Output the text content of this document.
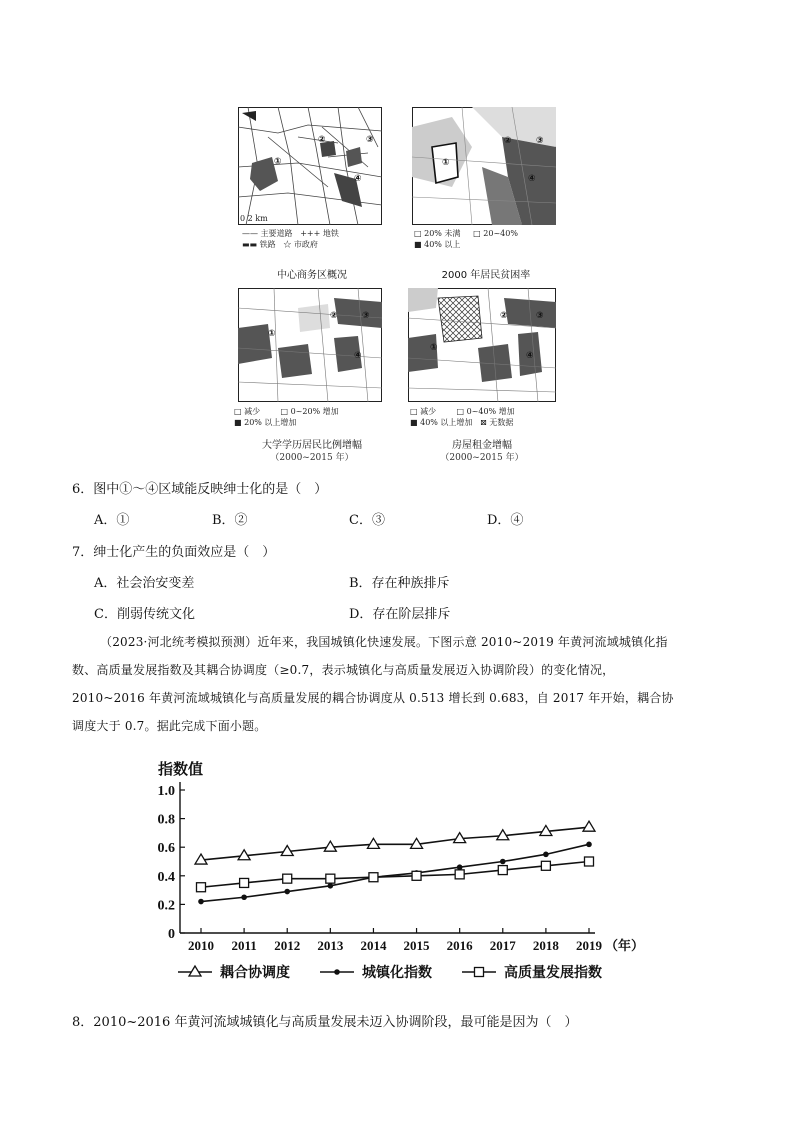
0 2 km
①
②	③
④
—— 主要道路 +++ 地铁
▬▬ 铁路 ☆ 市政府
中心商务区概况
①
②	③
④
□ 20% 未满 □ 20~40%
■ 40% 以上
2000 年居民贫困率
①
②	③
④
□ 减少	□ 0~20% 增加
■ 20% 以上增加
大学学历居民比例增幅
（2000~2015 年）
①
②	③
④
□ 减少	□ 0~40% 增加
■ 40% 以上增加 ⊠ 无数据
房屋租金增幅
（2000~2015 年）
6．图中①～④区域能反映绅士化的是（　）
A．①	B．②	C．③	D．④
7．绅士化产生的负面效应是（　）
A．社会治安变差	B．存在种族排斥
C．削弱传统文化	D．存在阶层排斥
（2023·河北统考模拟预测）近年来，我国城镇化快速发展。下图示意 2010~2019 年黄河流域城镇化指
数、高质量发展指数及其耦合协调度（≥0.7，表示城镇化与高质量发展迈入协调阶段）的变化情况，
2010~2016 年黄河流域城镇化与高质量发展的耦合协调度从 0.513 增长到 0.683，自 2017 年开始，耦合协
调度大于 0.7。据此完成下面小题。
指数值
0
0.2
0.4
0.6
0.8
1.0
2010 2011 2012 2013 2014 2015 2016 2017 2018 2019 （年）
耦合协调度	城镇化指数	高质量发展指数
8．2010~2016 年黄河流域城镇化与高质量发展未迈入协调阶段，最可能是因为（　）
